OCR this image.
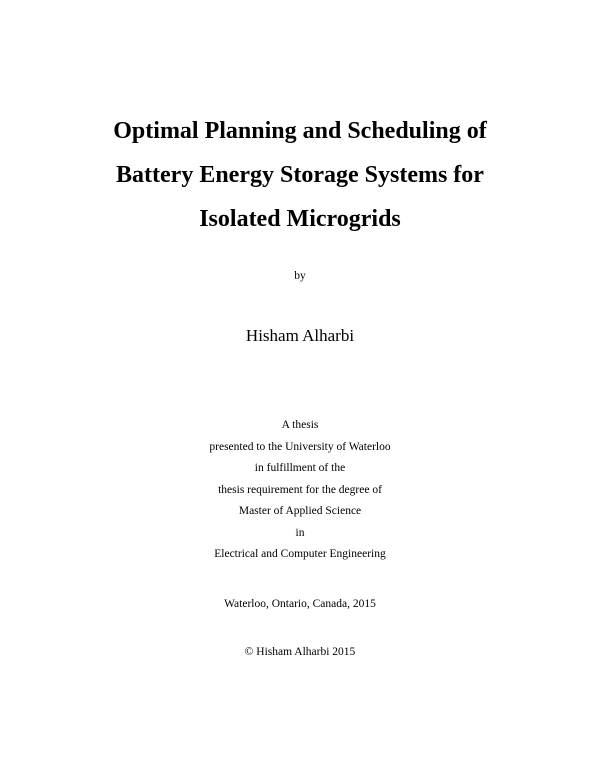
Optimal Planning and Scheduling of
Battery Energy Storage Systems for
Isolated Microgrids
by
Hisham Alharbi
A thesis
presented to the University of Waterloo
in fulfillment of the
thesis requirement for the degree of
Master of Applied Science
in
Electrical and Computer Engineering
Waterloo, Ontario, Canada, 2015
© Hisham Alharbi 2015
